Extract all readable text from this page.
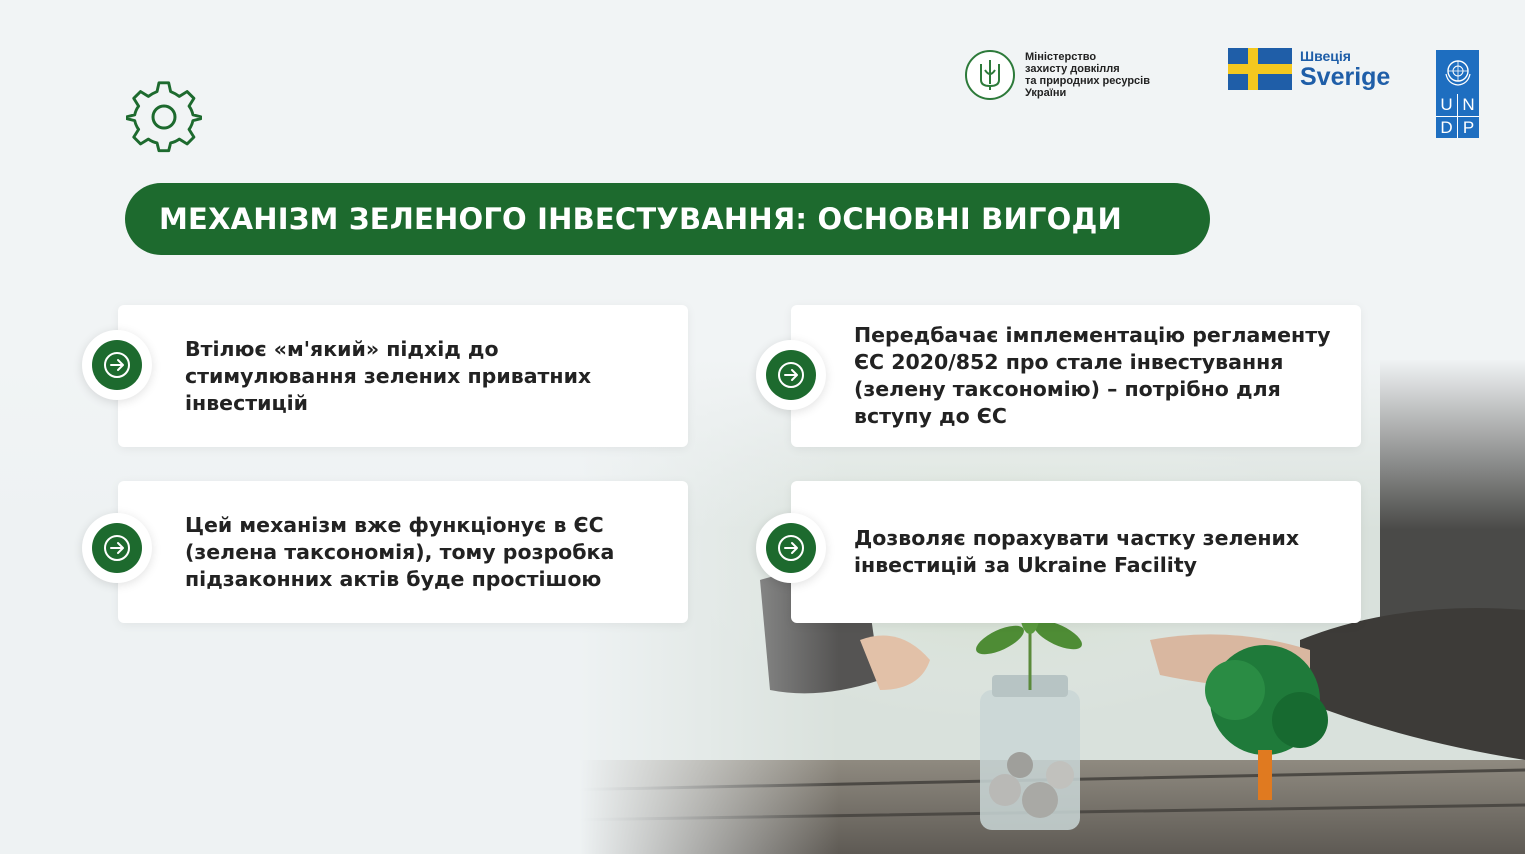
Міністерство
захисту довкілля
та природних ресурсів
України
Швеція
Sverige
U N
D P
МЕХАНІЗМ ЗЕЛЕНОГО ІНВЕСТУВАННЯ: ОСНОВНІ ВИГОДИ
Втілює «м'який» підхід до стимулювання зелених приватних інвестицій
Передбачає імплементацію регламенту ЄС 2020/852 про стале інвестування (зелену таксономію) – потрібно для вступу до ЄС
Цей механізм вже функціонує в ЄС (зелена таксономія), тому розробка підзаконних актів буде простішою
Дозволяє порахувати частку зелених інвестицій за Ukraine Facility
